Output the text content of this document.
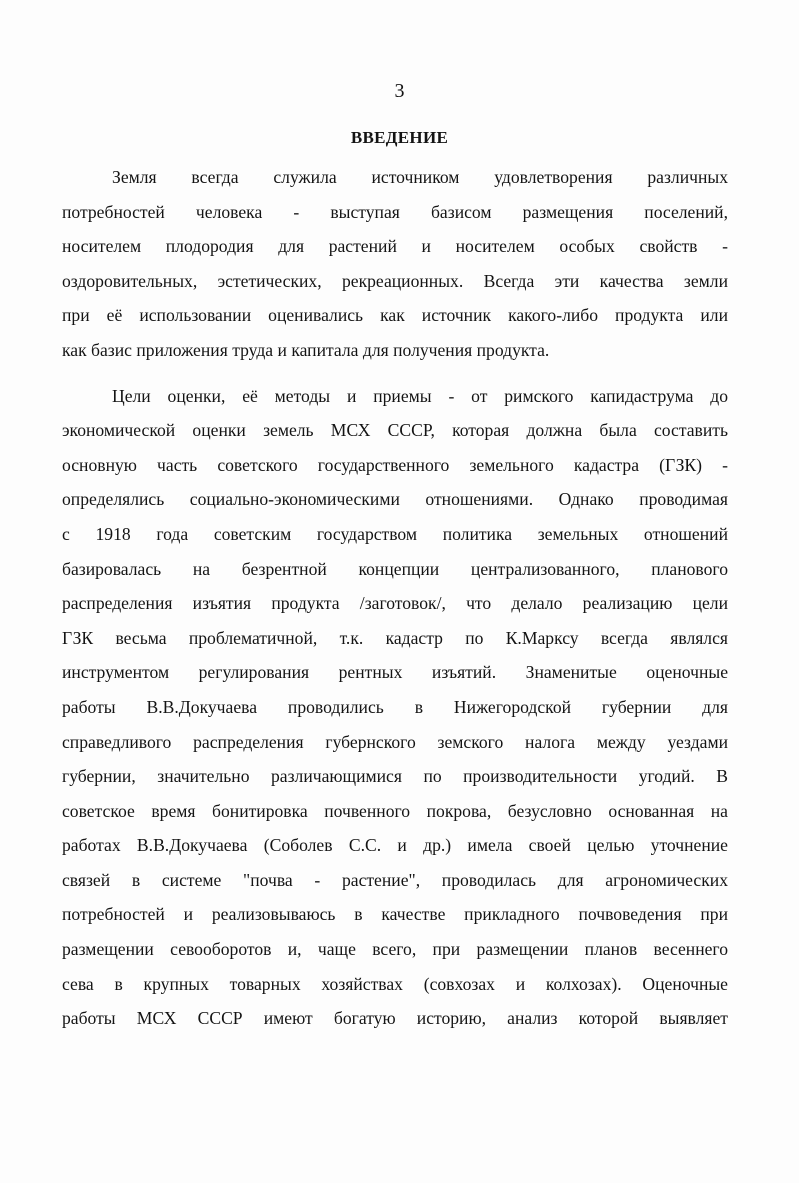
3
ВВЕДЕНИЕ
Земля всегда служила источником удовлетворения различных
потребностей человека - выступая базисом размещения поселений,
носителем плодородия для растений и носителем особых свойств -
оздоровительных, эстетических, рекреационных. Всегда эти качества земли
при её использовании оценивались как источник какого-либо продукта или
как базис приложения труда и капитала для получения продукта.
Цели оценки, её методы и приемы - от римского капидаструма до
экономической оценки земель МСХ СССР, которая должна была составить
основную часть советского государственного земельного кадастра (ГЗК) -
определялись социально-экономическими отношениями. Однако проводимая
с 1918 года советским государством политика земельных отношений
базировалась на безрентной концепции централизованного, планового
распределения изъятия продукта /заготовок/, что делало реализацию цели
ГЗК весьма проблематичной, т.к. кадастр по К.Марксу всегда являлся
инструментом регулирования рентных изъятий. Знаменитые оценочные
работы В.В.Докучаева проводились в Нижегородской губернии для
справедливого распределения губернского земского налога между уездами
губернии, значительно различающимися по производительности угодий. В
советское время бонитировка почвенного покрова, безусловно основанная на
работах В.В.Докучаева (Соболев С.С. и др.) имела своей целью уточнение
связей в системе "почва - растение", проводилась для агрономических
потребностей и реализовываюсь в качестве прикладного почвоведения при
размещении севооборотов и, чаще всего, при размещении планов весеннего
сева в крупных товарных хозяйствах (совхозах и колхозах). Оценочные
работы МСХ СССР имеют богатую историю, анализ которой выявляет
